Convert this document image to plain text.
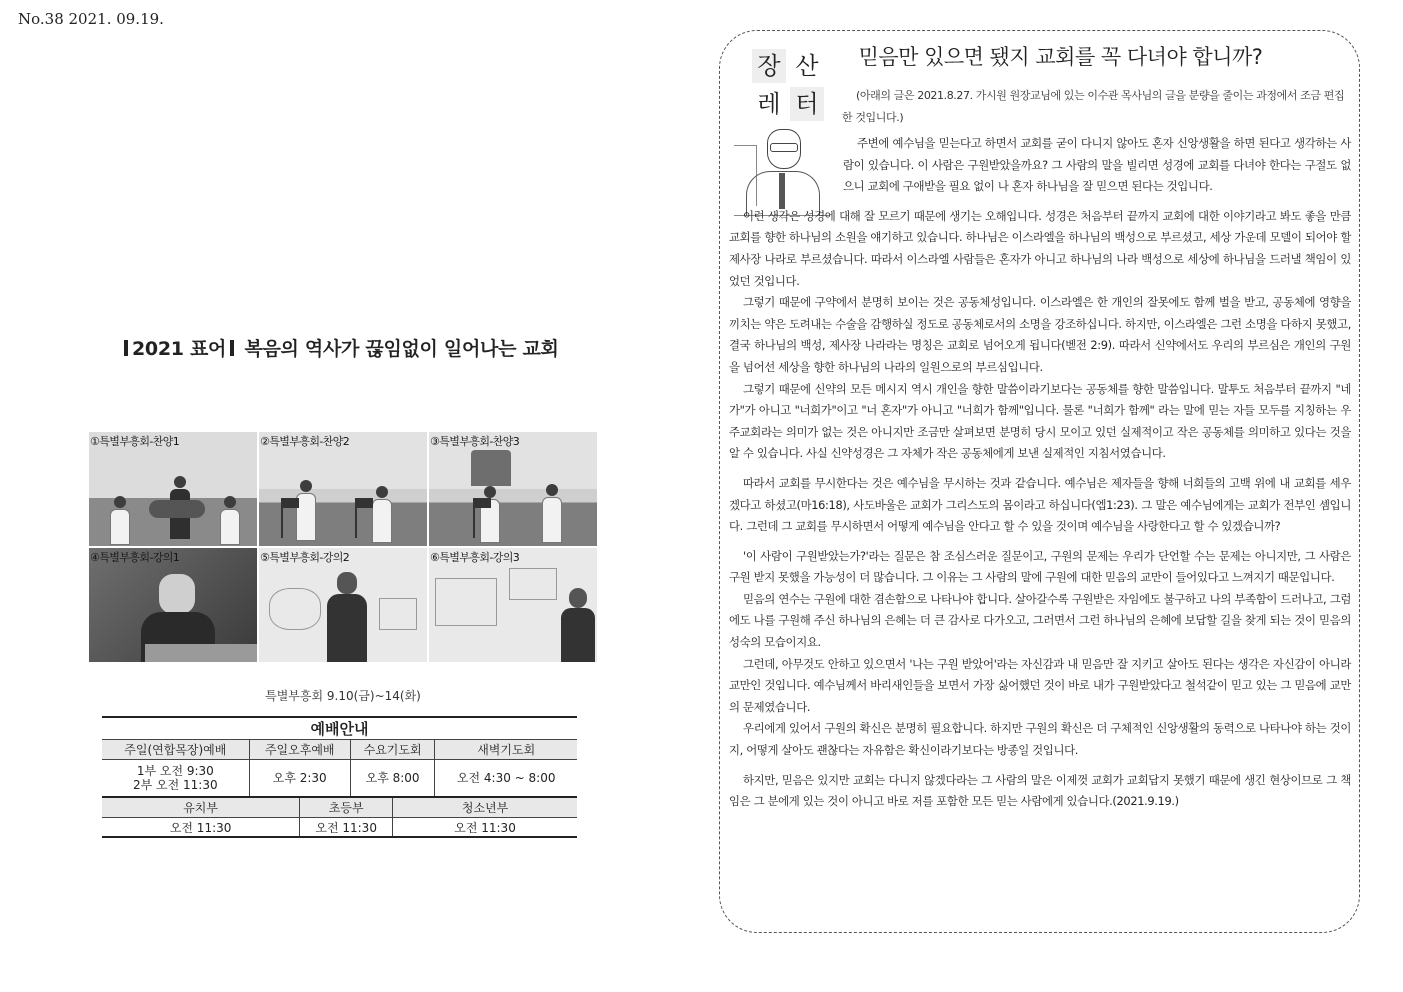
No.38 2021. 09.19.
2021 표어 복음의 역사가 끊임없이 일어나는 교회
①특별부흥회-찬양1	②특별부흥회-찬양2	③특별부흥회-찬양3
④특별부흥회-강의1	⑤특별부흥회-강의2	⑥특별부흥회-강의3
특별부흥회 9.10(금)~14(화)
예배안내					
주일(연합목장)예배	주일오후예배		수요기도회		새벽기도회

1부 오전 9:30
2부 오전 11:30	오후 2:30		오후 8:00		오전 4:30 ~ 8:00
유치부		초등부		청소년부	
오전 11:30		오전 11:30		오전 11:30	
장 산
레 터
믿음만 있으면 됐지 교회를 꼭 다녀야 합니까?
(아래의 글은 2021.8.27. 가시원 원장교님에 있는 이수관 목사님의 글을 분량을 줄이는 과정에서 조금 편집한 것입니다.)

주변에 예수님을 믿는다고 하면서 교회를 굳이 다니지 않아도 혼자 신앙생활을 하면 된다고 생각하는 사람이 있습니다. 이 사람은 구원받았을까요? 그 사람의 말을 빌리면 성경에 교회를 다녀야 한다는 구절도 없으니 교회에 구애받을 필요 없이 나 혼자 하나님을 잘 믿으면 된다는 것입니다.

이런 생각은 성경에 대해 잘 모르기 때문에 생기는 오해입니다. 성경은 처음부터 끝까지 교회에 대한 이야기라고 봐도 좋을 만큼 교회를 향한 하나님의 소원을 얘기하고 있습니다. 하나님은 이스라엘을 하나님의 백성으로 부르셨고, 세상 가운데 모델이 되어야 할 제사장 나라로 부르셨습니다. 따라서 이스라엘 사람들은 혼자가 아니고 하나님의 나라 백성으로 세상에 하나님을 드러낼 책임이 있었던 것입니다.

그렇기 때문에 구약에서 분명히 보이는 것은 공동체성입니다. 이스라엘은 한 개인의 잘못에도 함께 벌을 받고, 공동체에 영향을 끼치는 약은 도려내는 수술을 감행하실 정도로 공동체로서의 소명을 강조하십니다. 하지만, 이스라엘은 그런 소명을 다하지 못했고, 결국 하나님의 백성, 제사장 나라라는 명칭은 교회로 넘어오게 됩니다(벧전 2:9). 따라서 신약에서도 우리의 부르심은 개인의 구원을 넘어선 세상을 향한 하나님의 나라의 일원으로의 부르심입니다.

그렇기 때문에 신약의 모든 메시지 역시 개인을 향한 말씀이라기보다는 공동체를 향한 말씀입니다. 말투도 처음부터 끝까지 "네가"가 아니고 "너희가"이고 "너 혼자"가 아니고 "너희가 함께"입니다. 물론 "너희가 함께" 라는 말에 믿는 자들 모두를 지칭하는 우주교회라는 의미가 없는 것은 아니지만 조금만 살펴보면 분명히 당시 모이고 있던 실제적이고 작은 공동체를 의미하고 있다는 것을 알 수 있습니다. 사실 신약성경은 그 자체가 작은 공동체에게 보낸 실제적인 지침서였습니다.

따라서 교회를 무시한다는 것은 예수님을 무시하는 것과 같습니다. 예수님은 제자들을 향해 너희들의 고백 위에 내 교회를 세우겠다고 하셨고(마16:18), 사도바울은 교회가 그리스도의 몸이라고 하십니다(엡1:23). 그 말은 예수님에게는 교회가 전부인 셈입니다. 그런데 그 교회를 무시하면서 어떻게 예수님을 안다고 할 수 있을 것이며 예수님을 사랑한다고 할 수 있겠습니까?

'이 사람이 구원받았는가?'라는 질문은 참 조심스러운 질문이고, 구원의 문제는 우리가 단언할 수는 문제는 아니지만, 그 사람은 구원 받지 못했을 가능성이 더 많습니다. 그 이유는 그 사람의 말에 구원에 대한 믿음의 교만이 들어있다고 느껴지기 때문입니다.

믿음의 연수는 구원에 대한 겸손함으로 나타나야 합니다. 살아갈수록 구원받은 자임에도 불구하고 나의 부족함이 드러나고, 그럼에도 나를 구원해 주신 하나님의 은혜는 더 큰 감사로 다가오고, 그러면서 그런 하나님의 은혜에 보답할 길을 찾게 되는 것이 믿음의 성숙의 모습이지요.

그런데, 아무것도 안하고 있으면서 '나는 구원 받았어'라는 자신감과 내 믿음만 잘 지키고 살아도 된다는 생각은 자신감이 아니라 교만인 것입니다. 예수님께서 바리새인들을 보면서 가장 싫어했던 것이 바로 내가 구원받았다고 철석같이 믿고 있는 그 믿음에 교만의 문제였습니다.

우리에게 있어서 구원의 확신은 분명히 필요합니다. 하지만 구원의 확신은 더 구체적인 신앙생활의 동력으로 나타나야 하는 것이지, 어떻게 살아도 괜찮다는 자유함은 확신이라기보다는 방종일 것입니다.

하지만, 믿음은 있지만 교회는 다니지 않겠다라는 그 사람의 말은 이제껏 교회가 교회답지 못했기 때문에 생긴 현상이므로 그 책임은 그 분에게 있는 것이 아니고 바로 저를 포함한 모든 믿는 사람에게 있습니다.(2021.9.19.)
